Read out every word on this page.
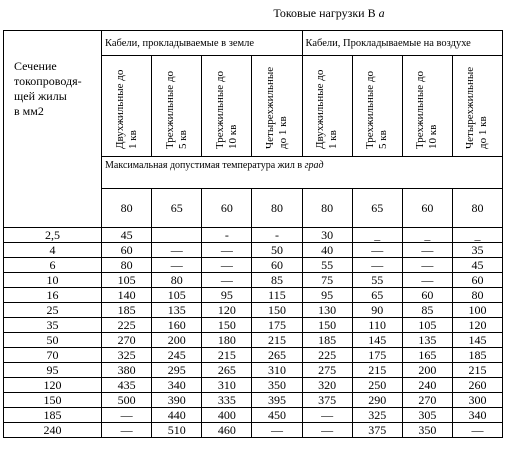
Токовые нагрузки В а
Сечение
токопроводя-
щей жилы
в мм2	Кабели, прокладываемые в земле				Кабели, Прокладываемые на воздухе			

	Двухжильные до 1 кв	Трехжильные до 5 кв	Трехжильные до 10 кв	Четырехжильные до 1 кв	Двухжильные до 1 кв	Трехжильные до 5 кв	Трехжильные до 10 кв	Четырехжильные до 1 кв

	Максимальная допустимая температура жил в град							
	80	65	60	80	80	65	60	80
2,5	45		-	-	30	_	_	_
4	60	—	—	50	40	—	—	35
6	80	—	—	60	55	—	—	45
10	105	80	—	85	75	55	—	60
16	140	105	95	115	95	65	60	80
25	185	135	120	150	130	90	85	100
35	225	160	150	175	150	110	105	120
50	270	200	180	215	185	145	135	145
70	325	245	215	265	225	175	165	185
95	380	295	265	310	275	215	200	215
120	435	340	310	350	320	250	240	260
150	500	390	335	395	375	290	270	300
185	—	440	400	450	—	325	305	340
240	—	510	460	—	—	375	350	—
